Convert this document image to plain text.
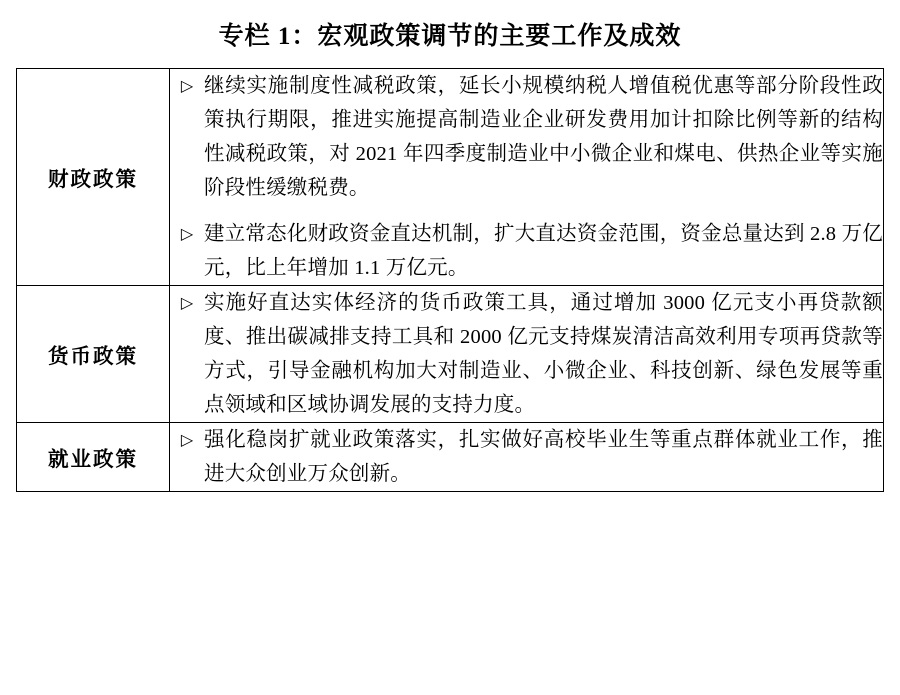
专栏 1：宏观政策调节的主要工作及成效
财政政策	▷ 继续实施制度性减税政策，延长小规模纳税人增值税优惠等部分阶段性政策执行期限，推进实施提高制造业企业研发费用加计扣除比例等新的结构性减税政策，对 2021 年四季度制造业中小微企业和煤电、供热企业等实施阶段性缓缴税费。
▷ 建立常态化财政资金直达机制，扩大直达资金范围，资金总量达到 2.8 万亿元，比上年增加 1.1 万亿元。

货币政策	▷ 实施好直达实体经济的货币政策工具，通过增加 3000 亿元支小再贷款额度、推出碳减排支持工具和 2000 亿元支持煤炭清洁高效利用专项再贷款等方式，引导金融机构加大对制造业、小微企业、科技创新、绿色发展等重点领域和区域协调发展的支持力度。

就业政策	▷ 强化稳岗扩就业政策落实，扎实做好高校毕业生等重点群体就业工作，推进大众创业万众创新。
